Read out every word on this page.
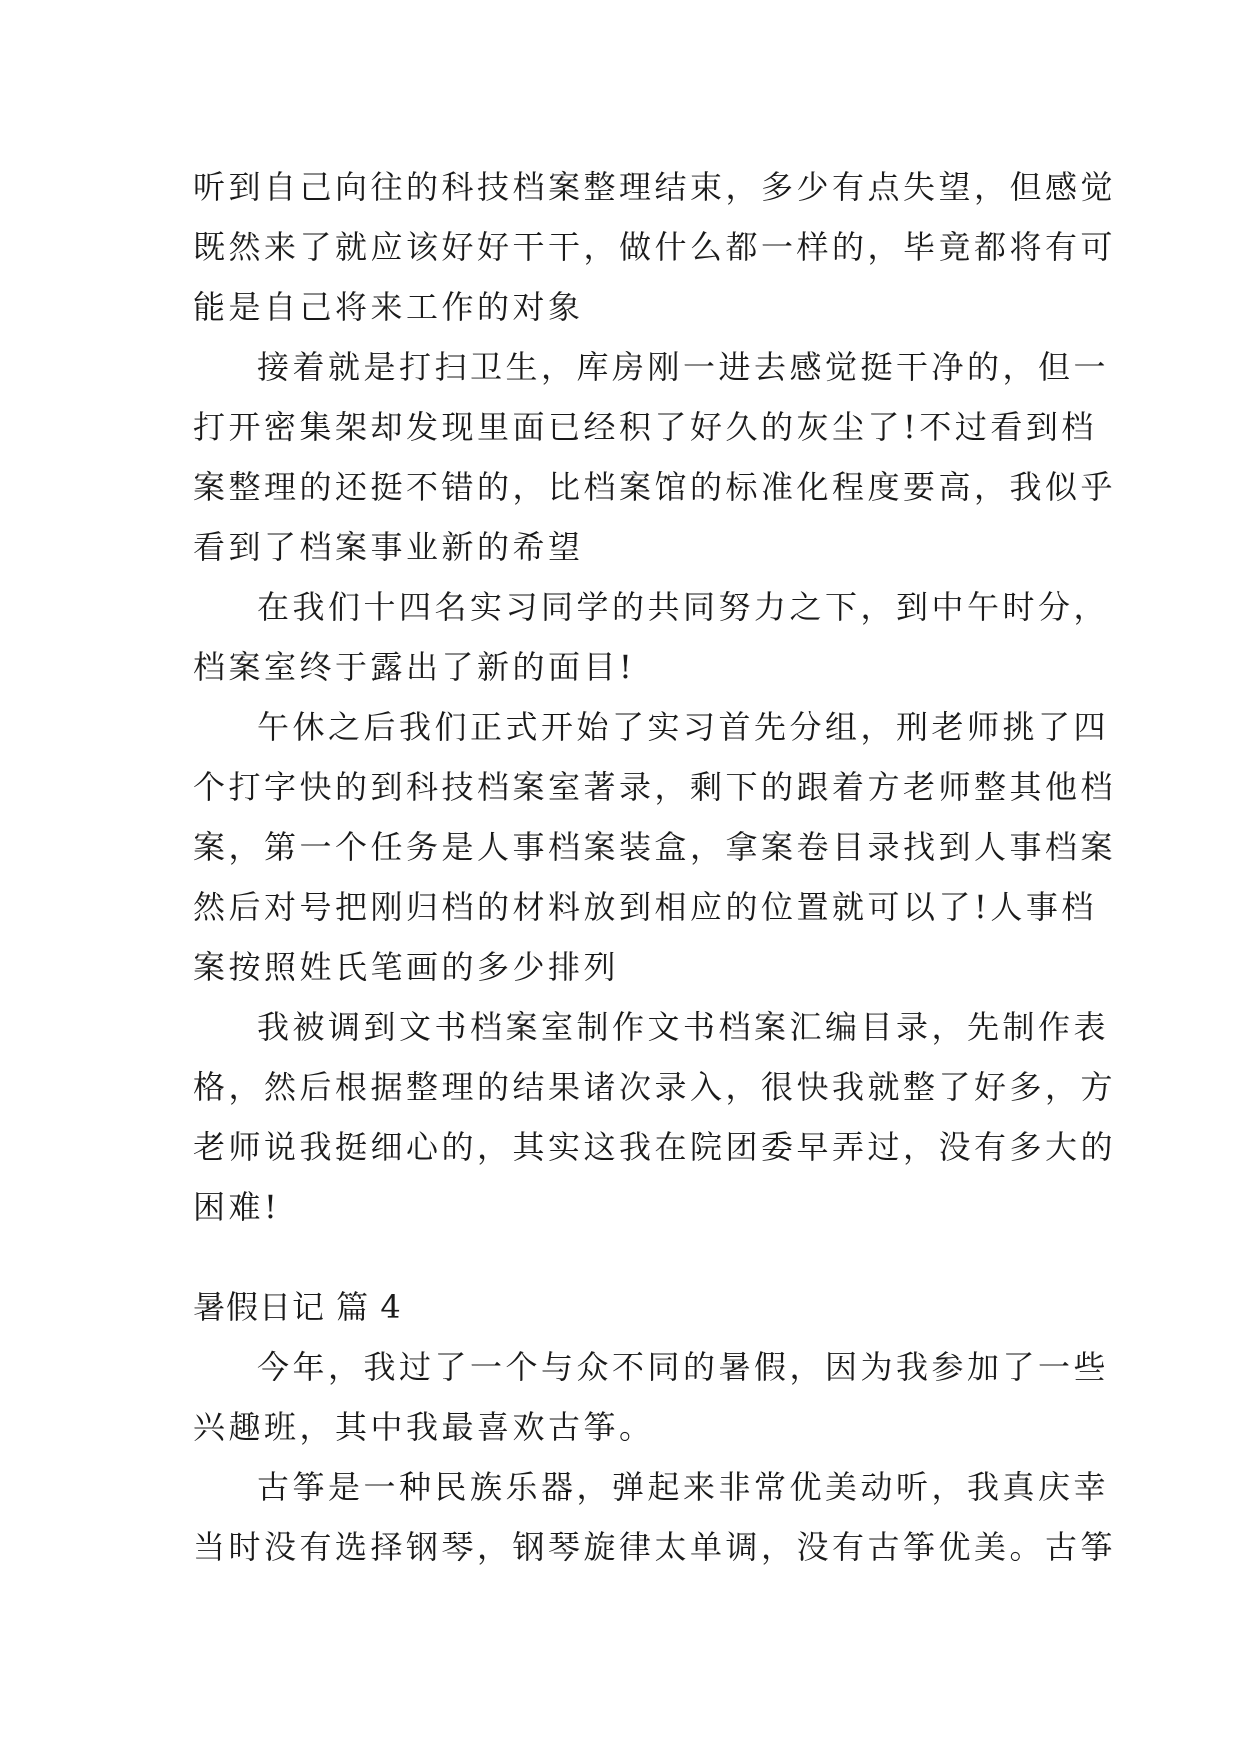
听到自己向往的科技档案整理结束，多少有点失望，但感觉
既然来了就应该好好干干，做什么都一样的，毕竟都将有可
能是自己将来工作的对象
接着就是打扫卫生，库房刚一进去感觉挺干净的，但一
打开密集架却发现里面已经积了好久的灰尘了!不过看到档
案整理的还挺不错的，比档案馆的标准化程度要高，我似乎
看到了档案事业新的希望
在我们十四名实习同学的共同努力之下，到中午时分，
档案室终于露出了新的面目!
午休之后我们正式开始了实习首先分组，刑老师挑了四
个打字快的到科技档案室著录，剩下的跟着方老师整其他档
案，第一个任务是人事档案装盒，拿案卷目录找到人事档案
然后对号把刚归档的材料放到相应的位置就可以了!人事档
案按照姓氏笔画的多少排列
我被调到文书档案室制作文书档案汇编目录，先制作表
格，然后根据整理的结果诸次录入，很快我就整了好多，方
老师说我挺细心的，其实这我在院团委早弄过，没有多大的
困难!
暑假日记 篇 4
今年，我过了一个与众不同的暑假，因为我参加了一些
兴趣班，其中我最喜欢古筝。
古筝是一种民族乐器，弹起来非常优美动听，我真庆幸
当时没有选择钢琴，钢琴旋律太单调，没有古筝优美。古筝
